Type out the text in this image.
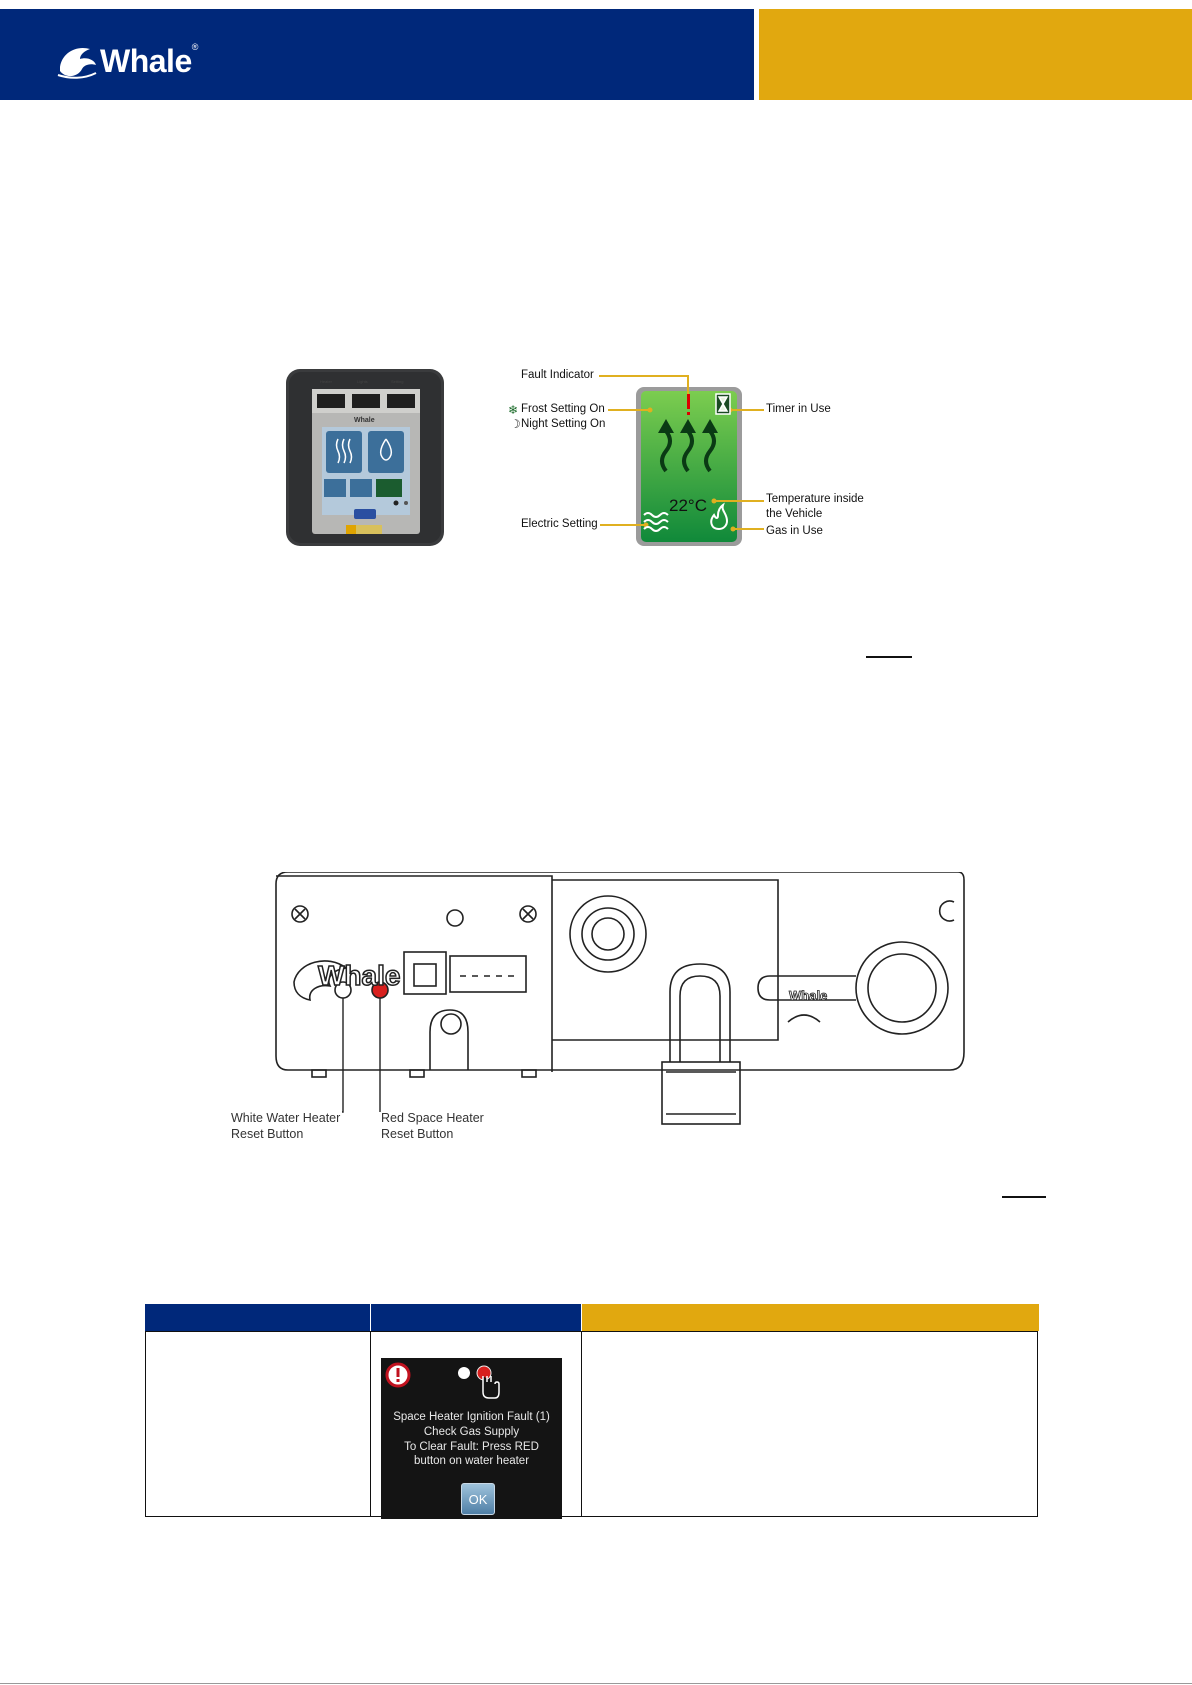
Whale ®
Heater	Lights	Setting
Whale
22°C
Fault Indicator
❄ Frost Setting On
☽ Night Setting On
Electric Setting
Timer in Use
Temperature inside
the Vehicle
Gas in Use
Whale
Whale
White Water Heater
Reset Button
Red Space Heater
Reset Button
Space Heater Ignition Fault (1)
Check Gas Supply
To Clear Fault: Press RED
button on water heater
OK
